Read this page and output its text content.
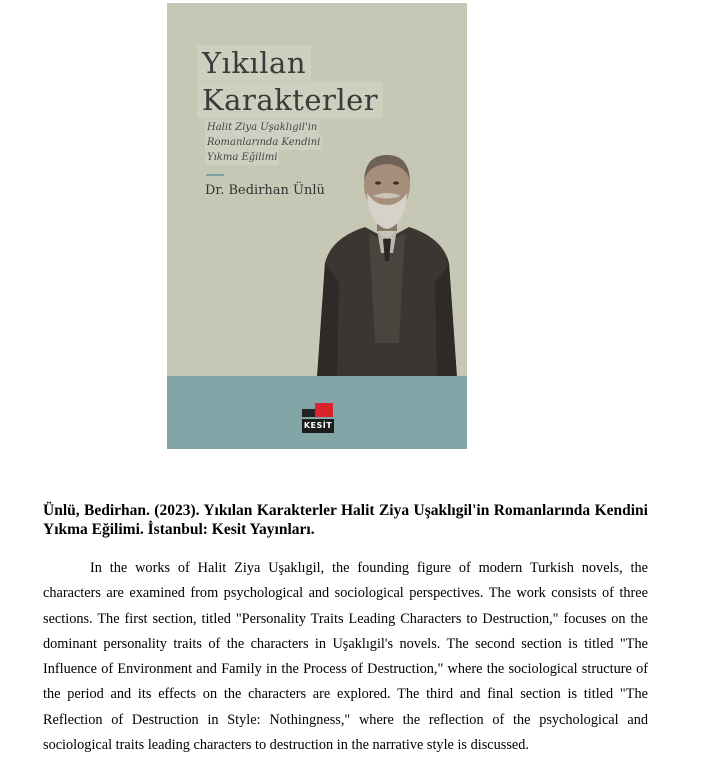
Yıkılan
Karakterler
Halit Ziya Uşaklıgil'in
Romanlarında Kendini
Yıkma Eğilimi
Dr. Bedirhan Ünlü
KESİT
Ünlü, Bedirhan. (2023). Yıkılan Karakterler Halit Ziya Uşaklıgil'in Romanlarında Kendini Yıkma Eğilimi. İstanbul: Kesit Yayınları.

In the works of Halit Ziya Uşaklıgil, the founding figure of modern Turkish novels, the characters are examined from psychological and sociological perspectives. The work consists of three sections. The first section, titled "Personality Traits Leading Characters to Destruction," focuses on the dominant personality traits of the characters in Uşaklıgil's novels. The second section is titled "The Influence of Environment and Family in the Process of Destruction," where the sociological structure of the period and its effects on the characters are explored. The third and final section is titled "The Reflection of Destruction in Style: Nothingness," where the reflection of the psychological and sociological traits leading characters to destruction in the narrative style is discussed.
